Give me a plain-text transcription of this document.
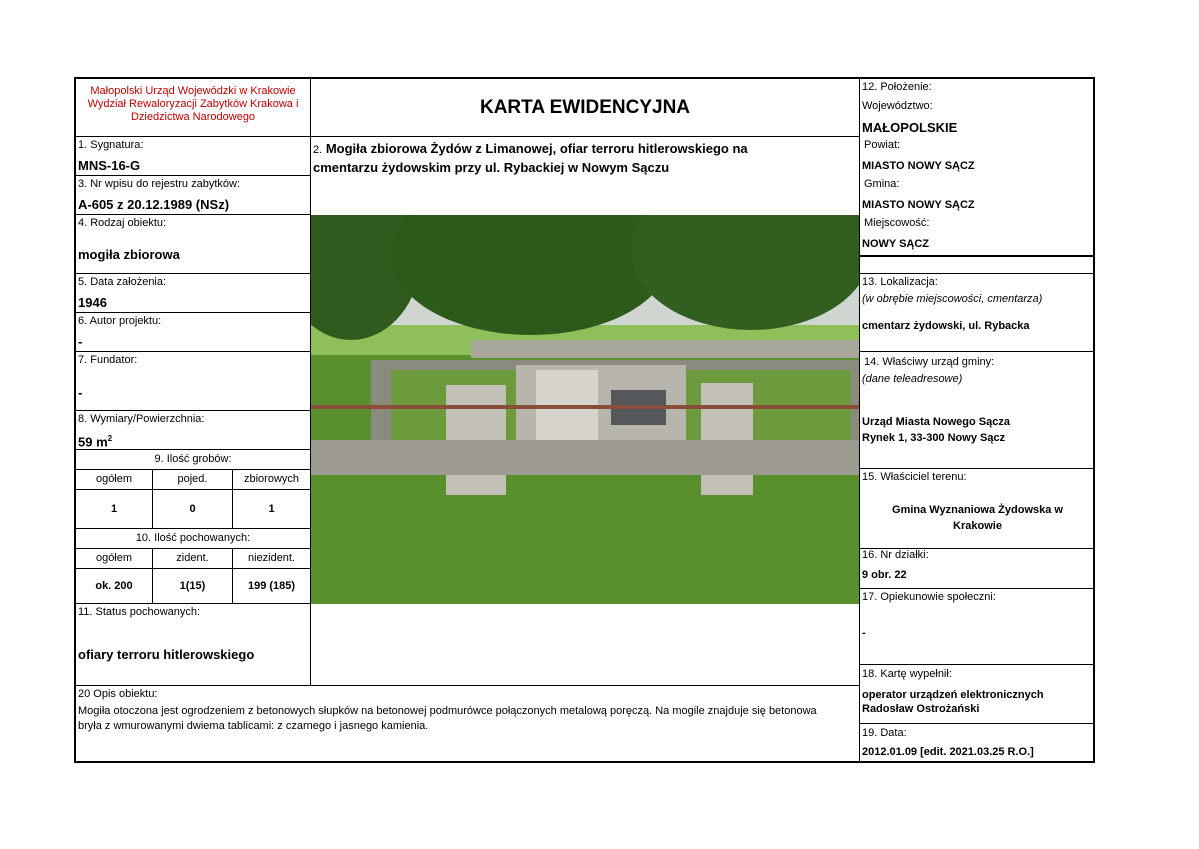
Małopolski Urząd Wojewódzki w Krakowie
Wydział Rewaloryzacji Zabytków Krakowa i
Dziedzictwa Narodowego
1. Sygnatura:
MNS-16-G
3. Nr wpisu do rejestru zabytków:
A-605 z 20.12.1989 (NSz)
4. Rodzaj obiektu:
mogiła zbiorowa
5. Data założenia:
1946
6. Autor projektu:
-
7. Fundator:
-
8. Wymiary/Powierzchnia:
59 $m^2$
9. Ilość grobów:
ogółem	pojed.	zbiorowych
1	0	1
10. Ilość pochowanych:
ogółem	zident.	niezident.
ok. 200	1(15)	199 (185)
11. Status pochowanych:
ofiary terroru hitlerowskiego
KARTA EWIDENCYJNA
2. Mogiła zbiorowa Żydów z Limanowej, ofiar terroru hitlerowskiego na
cmentarzu żydowskim przy ul. Rybackiej w Nowym Sączu
12. Położenie:
Województwo:
MAŁOPOLSKIE
Powiat:
MIASTO NOWY SĄCZ
Gmina:
MIASTO NOWY SĄCZ
Miejscowość:
NOWY SĄCZ
13. Lokalizacja:
(w obrębie miejscowości, cmentarza)
cmentarz żydowski, ul. Rybacka
14. Właściwy urząd gminy:
(dane teleadresowe)
Urząd Miasta Nowego Sącza
Rynek 1, 33-300 Nowy Sącz
15. Właściciel terenu:
Gmina Wyznaniowa Żydowska w
Krakowie
16. Nr działki:
9 obr. 22
17. Opiekunowie społeczni:
-
18. Kartę wypełnił:
operator urządzeń elektronicznych
Radosław Ostrożański
19. Data:
2012.01.09 [edit. 2021.03.25 R.O.]
20 Opis obiektu:
Mogiła otoczona jest ogrodzeniem z betonowych słupków na betonowej podmurówce połączonych metalową poręczą. Na mogile znajduje się betonowa
bryła z wmurowanymi dwiema tablicami: z czarnego i jasnego kamienia.
